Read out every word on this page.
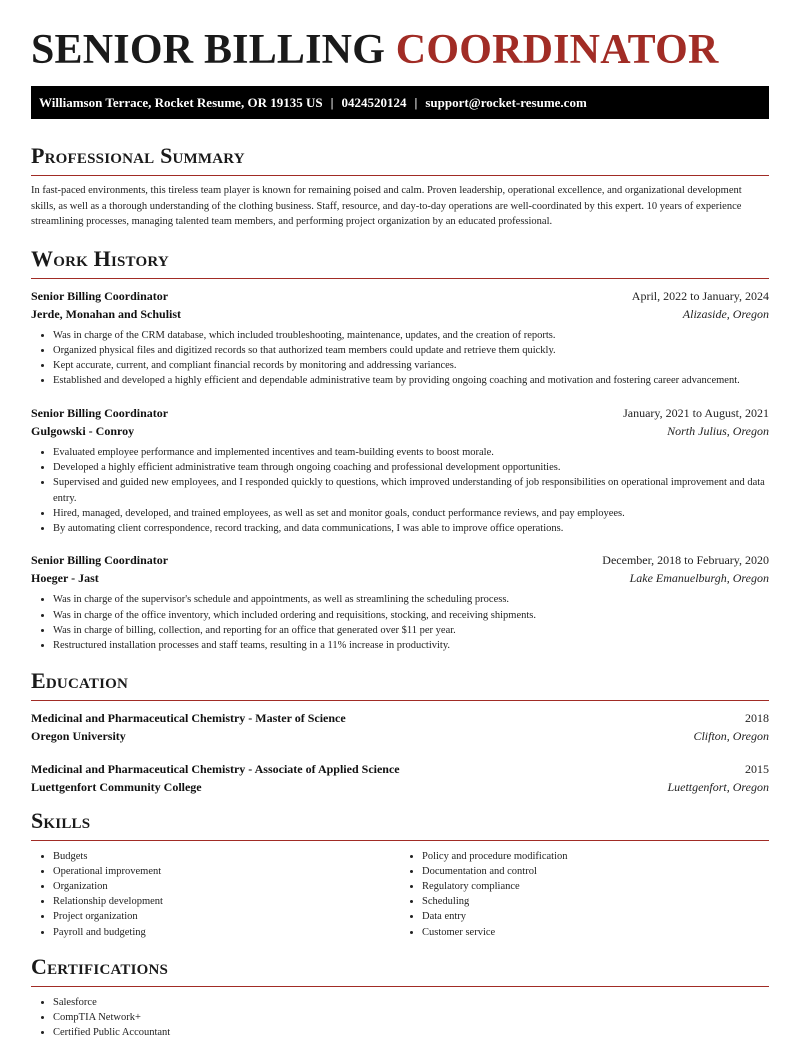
SENIOR BILLING COORDINATOR
Williamson Terrace, Rocket Resume, OR 19135 US | 0424520124 | support@rocket-resume.com
Professional Summary
In fast-paced environments, this tireless team player is known for remaining poised and calm. Proven leadership, operational excellence, and organizational development skills, as well as a thorough understanding of the clothing business. Staff, resource, and day-to-day operations are well-coordinated by this expert. 10 years of experience streamlining processes, managing talented team members, and performing project organization by an educated professional.
Work History
Senior Billing Coordinator	April, 2022 to January, 2024
Jerde, Monahan and Schulist	Alizaside, Oregon
• Was in charge of the CRM database, which included troubleshooting, maintenance, updates, and the creation of reports.
• Organized physical files and digitized records so that authorized team members could update and retrieve them quickly.
• Kept accurate, current, and compliant financial records by monitoring and addressing variances.
• Established and developed a highly efficient and dependable administrative team by providing ongoing coaching and motivation and fostering career advancement.
Senior Billing Coordinator	January, 2021 to August, 2021
Gulgowski - Conroy	North Julius, Oregon
• Evaluated employee performance and implemented incentives and team-building events to boost morale.
• Developed a highly efficient administrative team through ongoing coaching and professional development opportunities.
• Supervised and guided new employees, and I responded quickly to questions, which improved understanding of job responsibilities on operational improvement and data entry.
• Hired, managed, developed, and trained employees, as well as set and monitor goals, conduct performance reviews, and pay employees.
• By automating client correspondence, record tracking, and data communications, I was able to improve office operations.
Senior Billing Coordinator	December, 2018 to February, 2020
Hoeger - Jast	Lake Emanuelburgh, Oregon
• Was in charge of the supervisor's schedule and appointments, as well as streamlining the scheduling process.
• Was in charge of the office inventory, which included ordering and requisitions, stocking, and receiving shipments.
• Was in charge of billing, collection, and reporting for an office that generated over $11 per year.
• Restructured installation processes and staff teams, resulting in a 11% increase in productivity.
Education
Medicinal and Pharmaceutical Chemistry - Master of Science	2018
Oregon University	Clifton, Oregon
Medicinal and Pharmaceutical Chemistry - Associate of Applied Science	2015
Luettgenfort Community College	Luettgenfort, Oregon
Skills
• Budgets
• Operational improvement
• Organization
• Relationship development
• Project organization
• Payroll and budgeting
• Policy and procedure modification
• Documentation and control
• Regulatory compliance
• Scheduling
• Data entry
• Customer service
Certifications
• Salesforce
• CompTIA Network+
• Certified Public Accountant
